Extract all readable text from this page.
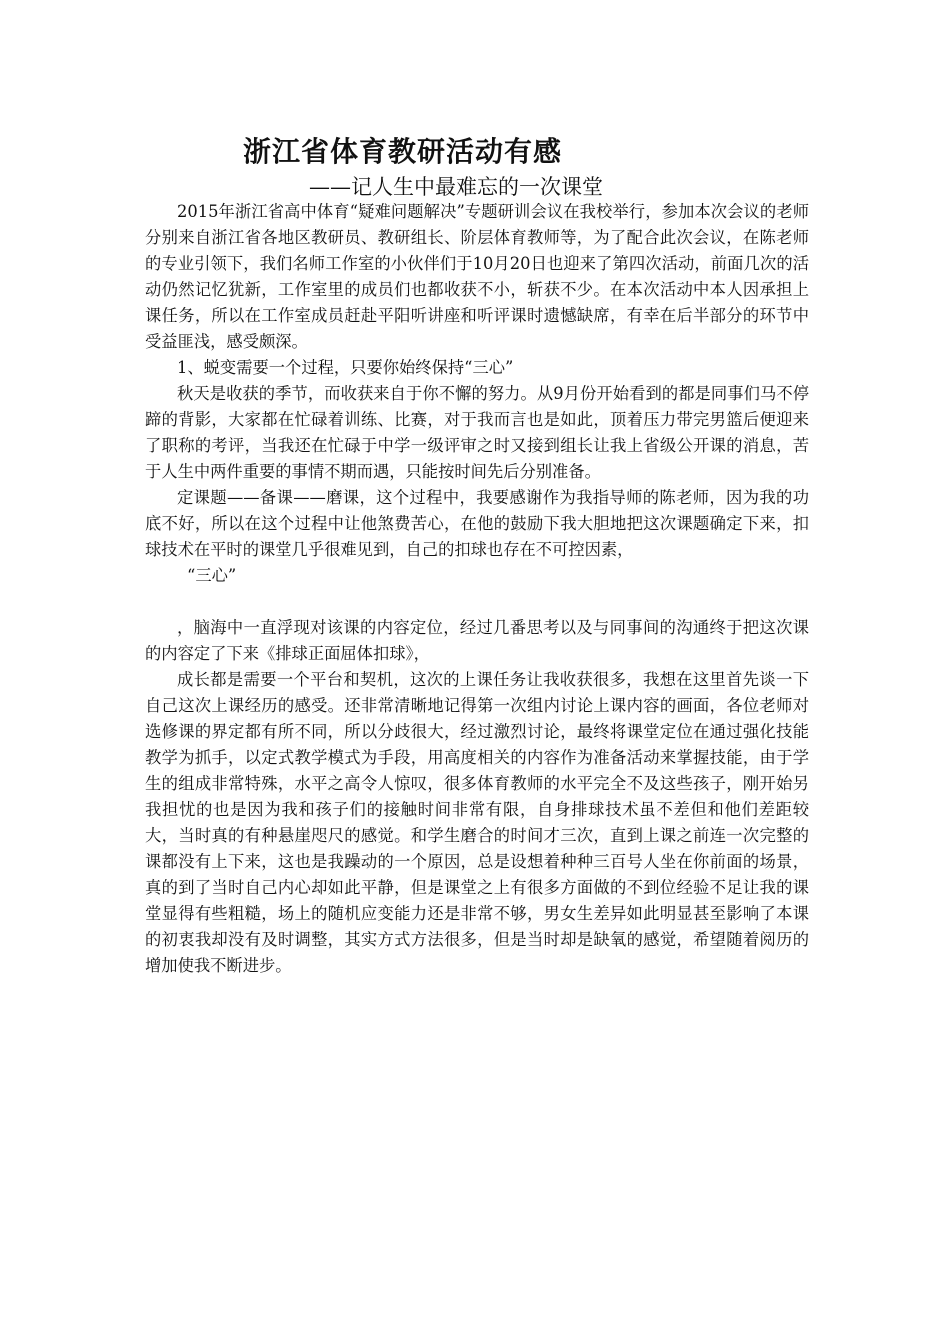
浙江省体育教研活动有感
——记人生中最难忘的一次课堂

2015年浙江省高中体育“疑难问题解决”专题研训会议在我校举行，参加本次会议的老师分别来自浙江省各地区教研员、教研组长、阶层体育教师等，为了配合此次会议，在陈老师的专业引领下，我们名师工作室的小伙伴们于10月20日也迎来了第四次活动，前面几次的活动仍然记忆犹新，工作室里的成员们也都收获不小，斩获不少。在本次活动中本人因承担上课任务，所以在工作室成员赶赴平阳听讲座和听评课时遗憾缺席，有幸在后半部分的环节中受益匪浅，感受颇深。

1、蜕变需要一个过程，只要你始终保持“三心”

秋天是收获的季节，而收获来自于你不懈的努力。从9月份开始看到的都是同事们马不停蹄的背影，大家都在忙碌着训练、比赛，对于我而言也是如此，顶着压力带完男篮后便迎来了职称的考评，当我还在忙碌于中学一级评审之时又接到组长让我上省级公开课的消息，苦于人生中两件重要的事情不期而遇，只能按时间先后分别准备。

定课题——备课——磨课，这个过程中，我要感谢作为我指导师的陈老师，因为我的功底不好，所以在这个过程中让他煞费苦心，在他的鼓励下我大胆地把这次课题确定下来，扣球技术在平时的课堂几乎很难见到，自己的扣球也存在不可控因素，

“三心”

，脑海中一直浮现对该课的内容定位，经过几番思考以及与同事间的沟通终于把这次课的内容定了下来《排球正面屈体扣球》，

成长都是需要一个平台和契机，这次的上课任务让我收获很多，我想在这里首先谈一下自己这次上课经历的感受。还非常清晰地记得第一次组内讨论上课内容的画面，各位老师对选修课的界定都有所不同，所以分歧很大，经过激烈讨论，最终将课堂定位在通过强化技能教学为抓手，以定式教学模式为手段，用高度相关的内容作为准备活动来掌握技能，由于学生的组成非常特殊，水平之高令人惊叹，很多体育教师的水平完全不及这些孩子，刚开始另我担忧的也是因为我和孩子们的接触时间非常有限，自身排球技术虽不差但和他们差距较大，当时真的有种悬崖咫尺的感觉。和学生磨合的时间才三次，直到上课之前连一次完整的课都没有上下来，这也是我躁动的一个原因，总是设想着种种三百号人坐在你前面的场景，真的到了当时自己内心却如此平静，但是课堂之上有很多方面做的不到位经验不足让我的课堂显得有些粗糙，场上的随机应变能力还是非常不够，男女生差异如此明显甚至影响了本课的初衷我却没有及时调整，其实方式方法很多，但是当时却是缺氧的感觉，希望随着阅历的增加使我不断进步。
